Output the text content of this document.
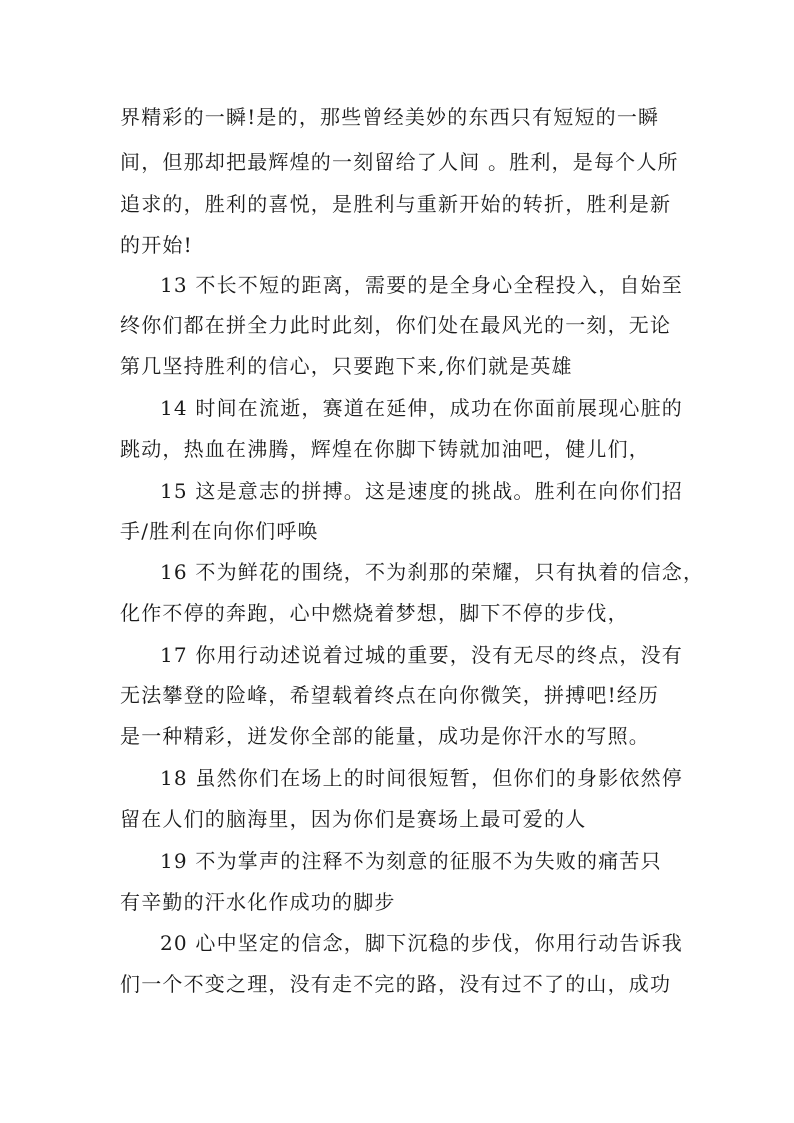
界精彩的一瞬!是的，那些曾经美妙的东西只有短短的一瞬
间，但那却把最辉煌的一刻留给了人间 。胜利，是每个人所
追求的，胜利的喜悦，是胜利与重新开始的转折，胜利是新
的开始!
13 不长不短的距离，需要的是全身心全程投入，自始至
终你们都在拼全力此时此刻，你们处在最风光的一刻，无论
第几坚持胜利的信心，只要跑下来,你们就是英雄
14 时间在流逝，赛道在延伸，成功在你面前展现心脏的
跳动，热血在沸腾，辉煌在你脚下铸就加油吧，健儿们，
15 这是意志的拼搏。这是速度的挑战。胜利在向你们招
手/胜利在向你们呼唤
16 不为鲜花的围绕，不为刹那的荣耀，只有执着的信念，
化作不停的奔跑，心中燃烧着梦想，脚下不停的步伐，
17 你用行动述说着过城的重要，没有无尽的终点，没有
无法攀登的险峰，希望载着终点在向你微笑，拼搏吧!经历
是一种精彩，迸发你全部的能量，成功是你汗水的写照。
18 虽然你们在场上的时间很短暂，但你们的身影依然停
留在人们的脑海里，因为你们是赛场上最可爱的人
19 不为掌声的注释不为刻意的征服不为失败的痛苦只
有辛勤的汗水化作成功的脚步
20 心中坚定的信念，脚下沉稳的步伐，你用行动告诉我
们一个不变之理，没有走不完的路，没有过不了的山，成功
